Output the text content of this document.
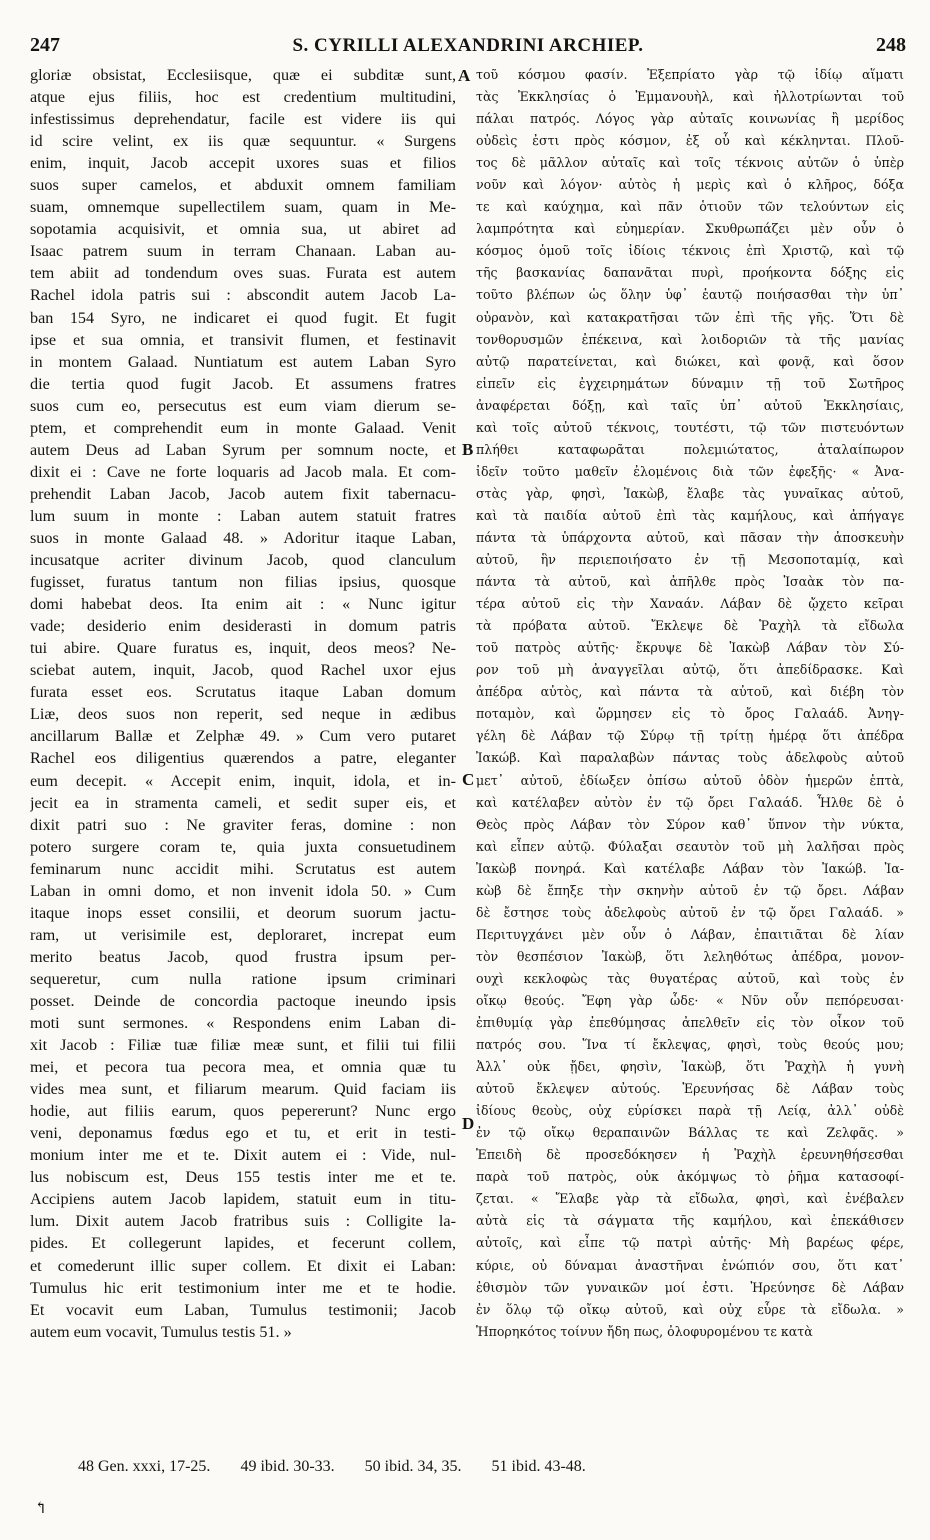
247	S. CYRILLI ALEXANDRINI ARCHIEP.	248
gloriæ obsistat, Ecclesiisque, quæ ei subditæ sunt,
atque ejus filiis, hoc est credentium multitudini,
infestissimus deprehendatur, facile est videre iis qui
id scire velint, ex iis quæ sequuntur. « Surgens
enim, inquit, Jacob accepit uxores suas et filios
suos super camelos, et abduxit omnem familiam
suam, omnemque supellectilem suam, quam in Me-
sopotamia acquisivit, et omnia sua, ut abiret ad
Isaac patrem suum in terram Chanaan. Laban au-
tem abiit ad tondendum oves suas. Furata est autem
Rachel idola patris sui : abscondit autem Jacob La-
ban 154 Syro, ne indicaret ei quod fugit. Et fugit
ipse et sua omnia, et transivit flumen, et festinavit
in montem Galaad. Nuntiatum est autem Laban Syro
die tertia quod fugit Jacob. Et assumens fratres
suos cum eo, persecutus est eum viam dierum se-
ptem, et comprehendit eum in monte Galaad. Venit
autem Deus ad Laban Syrum per somnum nocte, et
dixit ei : Cave ne forte loquaris ad Jacob mala. Et com-
prehendit Laban Jacob, Jacob autem fixit tabernacu-
lum suum in monte : Laban autem statuit fratres
suos in monte Galaad 48. » Adoritur itaque Laban,
incusatque acriter divinum Jacob, quod clanculum
fugisset, furatus tantum non filias ipsius, quosque
domi habebat deos. Ita enim ait : « Nunc igitur
vade; desiderio enim desiderasti in domum patris
tui abire. Quare furatus es, inquit, deos meos? Ne-
sciebat autem, inquit, Jacob, quod Rachel uxor ejus
furata esset eos. Scrutatus itaque Laban domum
Liæ, deos suos non reperit, sed neque in ædibus
ancillarum Ballæ et Zelphæ 49. » Cum vero putaret
Rachel eos diligentius quærendos a patre, eleganter
eum decepit. « Accepit enim, inquit, idola, et in-
jecit ea in stramenta cameli, et sedit super eis, et
dixit patri suo : Ne graviter feras, domine : non
potero surgere coram te, quia juxta consuetudinem
feminarum nunc accidit mihi. Scrutatus est autem
Laban in omni domo, et non invenit idola 50. » Cum
itaque inops esset consilii, et deorum suorum jactu-
ram, ut verisimile est, deploraret, increpat eum
merito beatus Jacob, quod frustra ipsum per-
sequeretur, cum nulla ratione ipsum criminari
posset. Deinde de concordia pactoque ineundo ipsis
moti sunt sermones. « Respondens enim Laban di-
xit Jacob : Filiæ tuæ filiæ meæ sunt, et filii tui filii
mei, et pecora tua pecora mea, et omnia quæ tu
vides mea sunt, et filiarum mearum. Quid faciam iis
hodie, aut filiis earum, quos pepererunt? Nunc ergo
veni, deponamus fœdus ego et tu, et erit in testi-
monium inter me et te. Dixit autem ei : Vide, nul-
lus nobiscum est, Deus 155 testis inter me et te.
Accipiens autem Jacob lapidem, statuit eum in titu-
lum. Dixit autem Jacob fratribus suis : Colligite la-
pides. Et collegerunt lapides, et fecerunt collem,
et comederunt illic super collem. Et dixit ei Laban:
Tumulus hic erit testimonium inter me et te hodie.
Et vocavit eum Laban, Tumulus testimonii; Jacob
autem eum vocavit, Tumulus testis 51. »
τοῦ κόσμου φασίν. Ἐξεπρίατο γὰρ τῷ ἰδίῳ αἵματι
τὰς Ἐκκλησίας ὁ Ἐμμανουὴλ, καὶ ἠλλοτρίωνται τοῦ
πάλαι πατρός. Λόγος γὰρ αὐταῖς κοινωνίας ἢ μερίδος
οὐδεὶς ἐστι πρὸς κόσμον, ἐξ οὗ καὶ κέκληνται. Πλοῦ-
τος δὲ μᾶλλον αὐταῖς καὶ τοῖς τέκνοις αὐτῶν ὁ ὑπὲρ
νοῦν καὶ λόγον· αὐτὸς ἡ μερὶς καὶ ὁ κλῆρος, δόξα
τε καὶ καύχημα, καὶ πᾶν ὁτιοῦν τῶν τελούντων εἰς
λαμπρότητα καὶ εὐημερίαν. Σκυθρωπάζει μὲν οὖν ὁ
κόσμος ὁμοῦ τοῖς ἰδίοις τέκνοις ἐπὶ Χριστῷ, καὶ τῷ
τῆς βασκανίας δαπανᾶται πυρὶ, προήκοντα δόξης εἰς
τοῦτο βλέπων ὡς ὅλην ὑφ᾽ ἑαυτῷ ποιήσασθαι τὴν ὑπ᾽
οὐρανὸν, καὶ κατακρατῆσαι τῶν ἐπὶ τῆς γῆς. Ὅτι δὲ
τονθορυσμῶν ἐπέκεινα, καὶ λοιδοριῶν τὰ τῆς μανίας
αὐτῷ παρατείνεται, καὶ διώκει, καὶ φονᾷ, καὶ ὅσον
εἰπεῖν εἰς ἐγχειρημάτων δύναμιν τῇ τοῦ Σωτῆρος
ἀναφέρεται δόξῃ, καὶ ταῖς ὑπ᾽ αὐτοῦ Ἐκκλησίαις,
καὶ τοῖς αὐτοῦ τέκνοις, τουτέστι, τῷ τῶν πιστευόντων
πλήθει καταφωρᾶται πολεμιώτατος, ἀταλαίπωρον
ἰδεῖν τοῦτο μαθεῖν ἐλομένοις διὰ τῶν ἐφεξῆς· « Ἀνα-
στὰς γὰρ, φησὶ, Ἰακὼβ, ἔλαβε τὰς γυναῖκας αὐτοῦ,
καὶ τὰ παιδία αὐτοῦ ἐπὶ τὰς καμήλους, καὶ ἀπήγαγε
πάντα τὰ ὑπάρχοντα αὐτοῦ, καὶ πᾶσαν τὴν ἀποσκευὴν
αὐτοῦ, ἣν περιεποιήσατο ἐν τῇ Μεσοποταμίᾳ, καὶ
πάντα τὰ αὐτοῦ, καὶ ἀπῆλθε πρὸς Ἰσαὰκ τὸν πα-
τέρα αὐτοῦ εἰς τὴν Χαναάν. Λάβαν δὲ ᾤχετο κεῖραι
τὰ πρόβατα αὐτοῦ. Ἔκλεψε δὲ Ῥαχὴλ τὰ εἴδωλα
τοῦ πατρὸς αὐτῆς· ἔκρυψε δὲ Ἰακὼβ Λάβαν τὸν Σύ-
ρον τοῦ μὴ ἀναγγεῖλαι αὐτῷ, ὅτι ἀπεδίδρασκε. Καὶ
ἀπέδρα αὐτὸς, καὶ πάντα τὰ αὐτοῦ, καὶ διέβη τὸν
ποταμὸν, καὶ ὥρμησεν εἰς τὸ ὄρος Γαλαάδ. Ἀνηγ-
γέλη δὲ Λάβαν τῷ Σύρῳ τῇ τρίτῃ ἡμέρᾳ ὅτι ἀπέδρα
Ἰακώβ. Καὶ παραλαβὼν πάντας τοὺς ἀδελφοὺς αὐτοῦ
μετ᾽ αὐτοῦ, ἐδίωξεν ὀπίσω αὐτοῦ ὁδὸν ἡμερῶν ἑπτὰ,
καὶ κατέλαβεν αὐτὸν ἐν τῷ ὄρει Γαλαάδ. Ἦλθε δὲ ὁ
Θεὸς πρὸς Λάβαν τὸν Σύρον καθ᾽ ὕπνον τὴν νύκτα,
καὶ εἶπεν αὐτῷ. Φύλαξαι σεαυτὸν τοῦ μὴ λαλῆσαι πρὸς
Ἰακὼβ πονηρά. Καὶ κατέλαβε Λάβαν τὸν Ἰακώβ. Ἰα-
κὼβ δὲ ἔπηξε τὴν σκηνὴν αὐτοῦ ἐν τῷ ὄρει. Λάβαν
δὲ ἔστησε τοὺς ἀδελφοὺς αὐτοῦ ἐν τῷ ὄρει Γαλαάδ. »
Περιτυγχάνει μὲν οὖν ὁ Λάβαν, ἐπαιτιᾶται δὲ λίαν
τὸν θεσπέσιον Ἰακὼβ, ὅτι λεληθότως ἀπέδρα, μονον-
ουχὶ κεκλοφὼς τὰς θυγατέρας αὐτοῦ, καὶ τοὺς ἐν
οἴκῳ θεούς. Ἔφη γὰρ ὧδε· « Νῦν οὖν πεπόρευσαι·
ἐπιθυμίᾳ γὰρ ἐπεθύμησας ἀπελθεῖν εἰς τὸν οἶκον τοῦ
πατρός σου. Ἵνα τί ἔκλεψας, φησὶ, τοὺς θεούς μου;
Ἀλλ᾽ οὐκ ᾔδει, φησὶν, Ἰακὼβ, ὅτι Ῥαχὴλ ἡ γυνὴ
αὐτοῦ ἔκλεψεν αὐτούς. Ἐρευνήσας δὲ Λάβαν τοὺς
ἰδίους θεοὺς, οὐχ εὑρίσκει παρὰ τῇ Λείᾳ, ἀλλ᾽ οὐδὲ
ἐν τῷ οἴκῳ θεραπαινῶν Βάλλας τε καὶ Ζελφᾶς. »
Ἐπειδὴ δὲ προσεδόκησεν ἡ Ῥαχὴλ ἐρευνηθήσεσθαι
παρὰ τοῦ πατρὸς, οὐκ ἀκόμψως τὸ ῥῆμα κατασοφί-
ζεται. « Ἔλαβε γὰρ τὰ εἴδωλα, φησὶ, καὶ ἐνέβαλεν
αὐτὰ εἰς τὰ σάγματα τῆς καμήλου, καὶ ἐπεκάθισεν
αὐτοῖς, καὶ εἶπε τῷ πατρὶ αὐτῆς· Μὴ βαρέως φέρε,
κύριε, οὐ δύναμαι ἀναστῆναι ἐνώπιόν σου, ὅτι κατ᾽
ἐθισμὸν τῶν γυναικῶν μοί ἐστι. Ἠρεύνησε δὲ Λάβαν
ἐν ὅλῳ τῷ οἴκῳ αὐτοῦ, καὶ οὐχ εὗρε τὰ εἴδωλα. »
Ἠπορηκότος τοίνυν ἤδη πως, ὀλοφυρομένου τε κατὰ
A
B
C
D
48 Gen. xxxi, 17-25. 49 ibid. 30-33. 50 ibid. 34, 35. 51 ibid. 43-48.
↰
